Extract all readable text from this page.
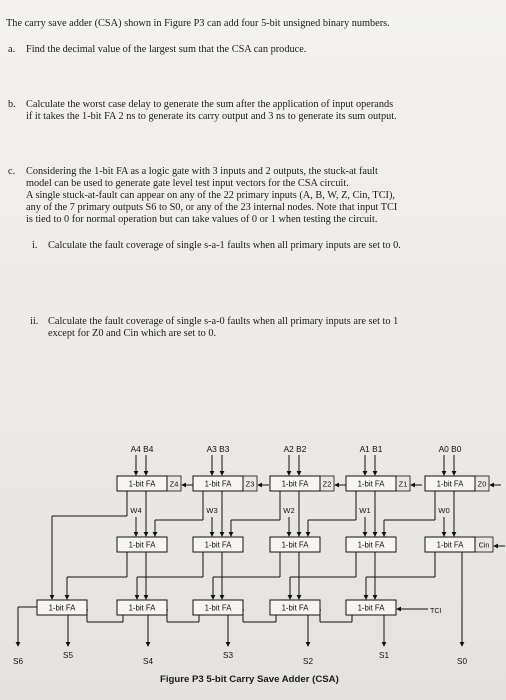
The carry save adder (CSA) shown in Figure P3 can add four 5-bit unsigned binary numbers.
a. Find the decimal value of the largest sum that the CSA can produce.
b. Calculate the worst case delay to generate the sum after the application of input operands
if it takes the 1-bit FA 2 ns to generate its carry output and 3 ns to generate its sum output.
c. Considering the 1-bit FA as a logic gate with 3 inputs and 2 outputs, the stuck-at fault
model can be used to generate gate level test input vectors for the CSA circuit.
A single stuck-at-fault can appear on any of the 22 primary inputs (A, B, W, Z, Cin, TCI),
any of the 7 primary outputs S6 to S0, or any of the 23 internal nodes. Note that input TCI
is tied to 0 for normal operation but can take values of 0 or 1 when testing the circuit.
i. Calculate the fault coverage of single s-a-1 faults when all primary inputs are set to 0.
ii. Calculate the fault coverage of single s-a-0 faults when all primary inputs are set to 1
except for Z0 and Cin which are set to 0.
A4 B4
1-bit FA Z4
W4
1-bit FA
A3 B3
1-bit FA Z3
W3
1-bit FA
A2 B2
1-bit FA Z2
W2
1-bit FA
A1 B1
1-bit FA Z1
W1
1-bit FA
A0 B0
1-bit FA Z0
W0
1-bit FA Cin
1-bit FA	1-bit FA	1-bit FA	1-bit FA	1-bit FA	TCI
S6
S5
S4
S3
S2
S1
S0
Figure P3 5-bit Carry Save Adder (CSA)
